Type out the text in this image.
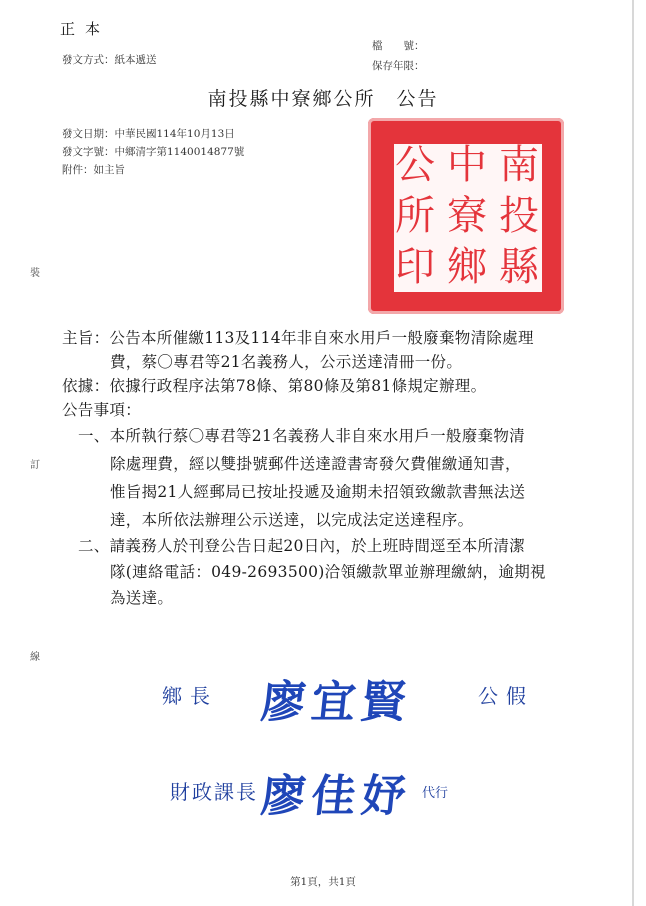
正本
發文方式：紙本遞送
檔　　號：
保存年限：
南投縣中寮鄉公所　公告
發文日期：中華民國114年10月13日
發文字號：中鄉清字第1140014877號
附件：如主旨	南
投
縣
中
寮
鄉
公
所
印
裝
訂
線
主旨：公告本所催繳113及114年非自來水用戶一般廢棄物清除處理
費，蔡〇專君等21名義務人，公示送達清冊一份。
依據：依據行政程序法第78條、第80條及第81條規定辦理。
公告事項：
一、本所執行蔡〇專君等21名義務人非自來水用戶一般廢棄物清
除處理費，經以雙掛號郵件送達證書寄發欠費催繳通知書，
惟旨揭21人經郵局已按址投遞及逾期未招領致繳款書無法送
達，本所依法辦理公示送達，以完成法定送達程序。
二、請義務人於刊登公告日起20日內，於上班時間逕至本所清潔
隊(連絡電話：049-2693500)洽領繳款單並辦理繳納，逾期視
為送達。
鄉長 廖宜賢	公假
財政課長 廖佳妤 代行
第1頁，共1頁
